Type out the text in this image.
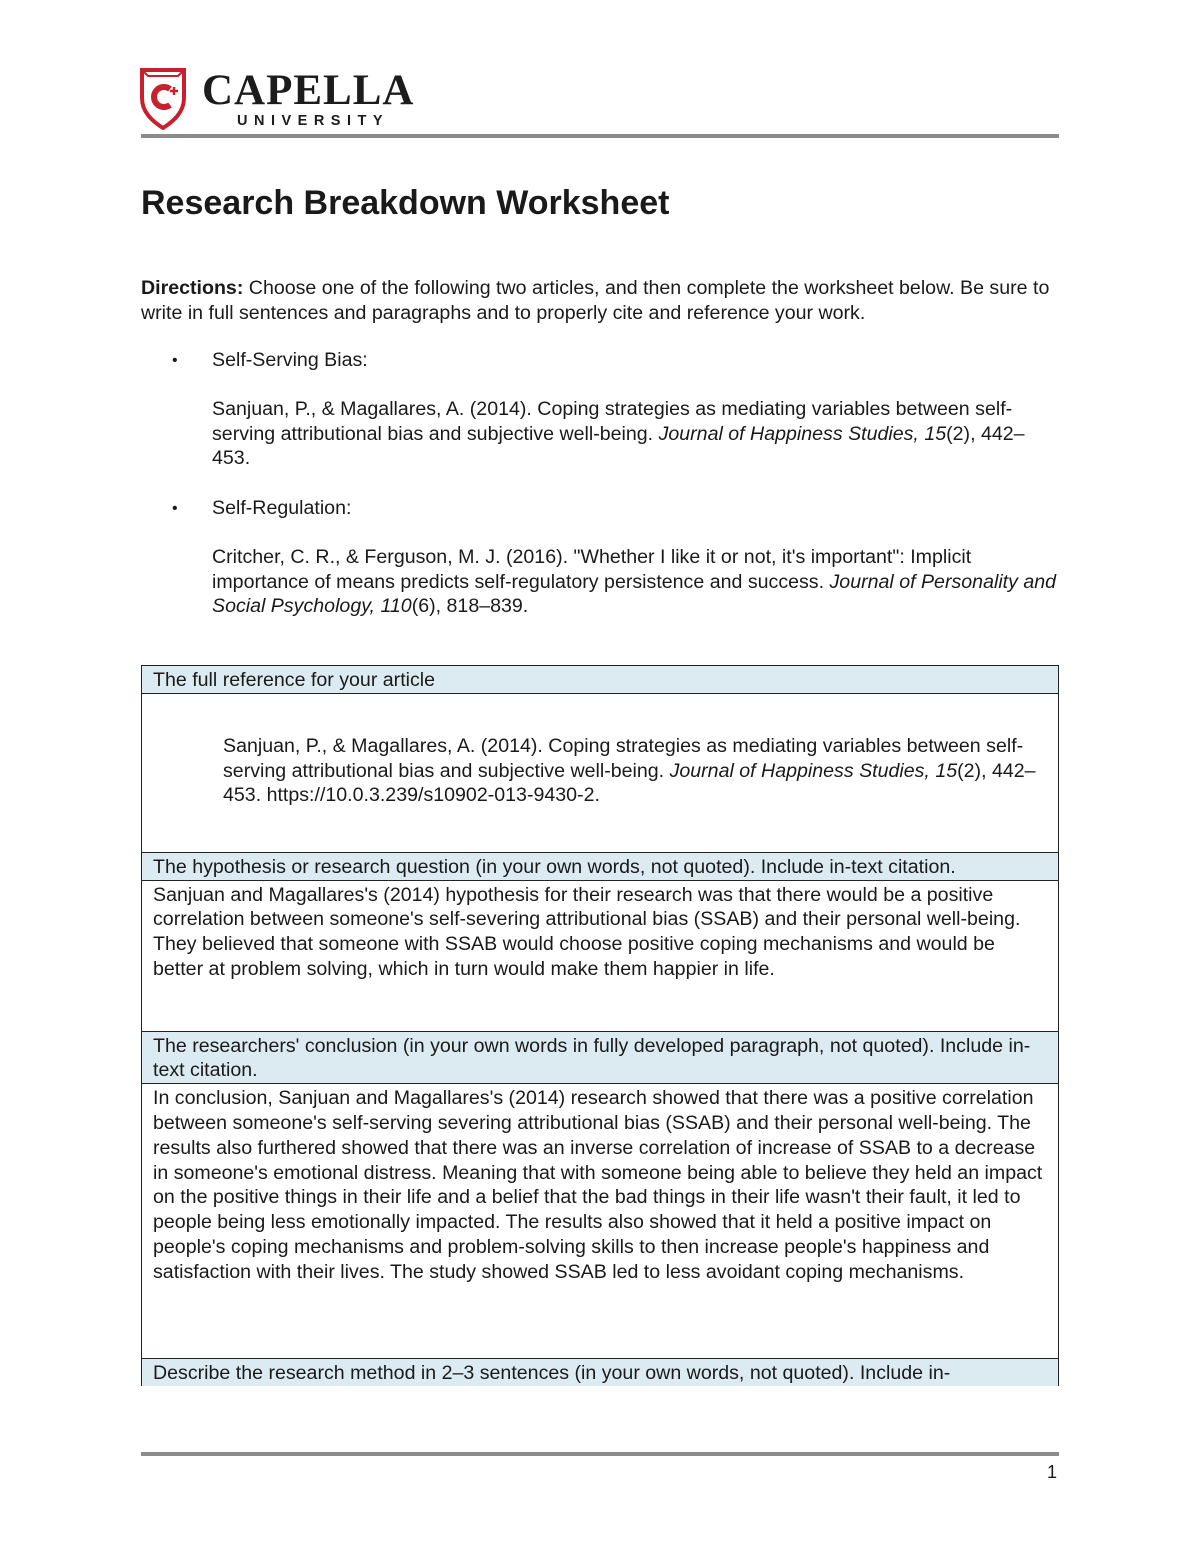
CAPELLA
UNIVERSITY
Research Breakdown Worksheet

Directions: Choose one of the following two articles, and then complete the worksheet below. Be sure to write in full sentences and paragraphs and to properly cite and reference your work.

• Self-Serving Bias:

Sanjuan, P., & Magallares, A. (2014). Coping strategies as mediating variables between self-serving attributional bias and subjective well-being. Journal of Happiness Studies, 15(2), 442–453.

• Self-Regulation:

Critcher, C. R., & Ferguson, M. J. (2016). "Whether I like it or not, it's important": Implicit importance of means predicts self-regulatory persistence and success. Journal of Personality and Social Psychology, 110(6), 818–839.

The full reference for your article

Sanjuan, P., & Magallares, A. (2014). Coping strategies as mediating variables between self-serving attributional bias and subjective well-being. Journal of Happiness Studies, 15(2), 442–453. https://10.0.3.239/s10902-013-9430-2.

The hypothesis or research question (in your own words, not quoted). Include in-text citation.
Sanjuan and Magallares's (2014) hypothesis for their research was that there would be a positive correlation between someone's self-severing attributional bias (SSAB) and their personal well-being. They believed that someone with SSAB would choose positive coping mechanisms and would be better at problem solving, which in turn would make them happier in life.
The researchers' conclusion (in your own words in fully developed paragraph, not quoted). Include in-text citation.
In conclusion, Sanjuan and Magallares's (2014) research showed that there was a positive correlation between someone's self-serving severing attributional bias (SSAB) and their personal well-being. The results also furthered showed that there was an inverse correlation of increase of SSAB to a decrease in someone's emotional distress. Meaning that with someone being able to believe they held an impact on the positive things in their life and a belief that the bad things in their life wasn't their fault, it led to people being less emotionally impacted. The results also showed that it held a positive impact on people's coping mechanisms and problem-solving skills to then increase people's happiness and satisfaction with their lives. The study showed SSAB led to less avoidant coping mechanisms.
Describe the research method in 2–3 sentences (in your own words, not quoted). Include in-
1
